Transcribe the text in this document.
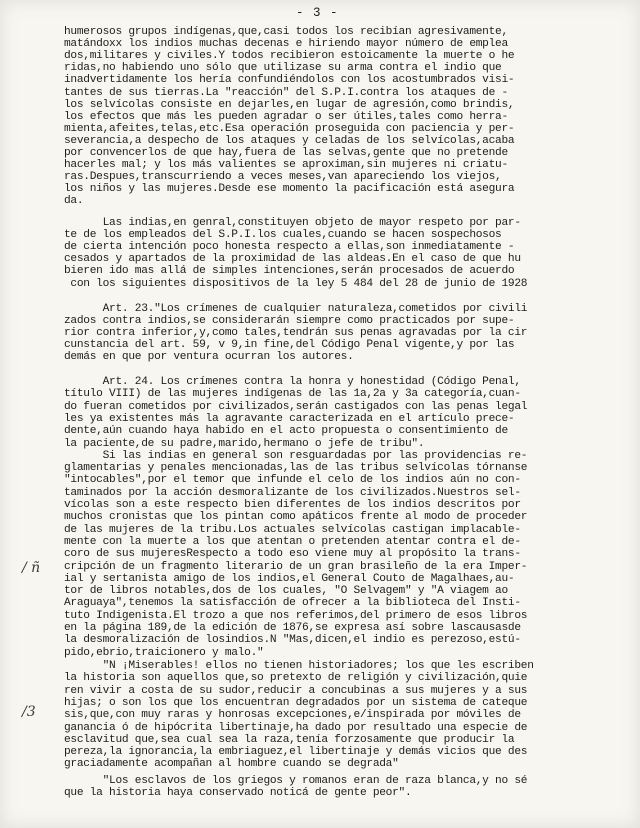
- 3 -
humerosos grupos indígenas,que,casi todos los recibían agresivamente,
matándoxx los indios muchas decenas e hiriendo mayor número de emplea
dos,militares y civiles.Y todos recibieron estoicamente la muerte o he
ridas,no habiendo uno sólo que utilizase su arma contra el indio que
inadvertidamente los hería confundiéndolos con los acostumbrados visi-
tantes de sus tierras.La "reacción" del S.P.I.contra los ataques de -
los selvícolas consiste en dejarles,en lugar de agresión,como brindis,
los efectos que más les pueden agradar o ser útiles,tales como herra-
mienta,afeites,telas,etc.Esa operación proseguida con paciencia y per-
severancia,a despecho de los ataques y celadas de los selvícolas,acaba
por convencerlos de que hay,fuera de las selvas,gente que no pretende
hacerles mal; y los más valientes se aproximan,sin mujeres ni criatu-
ras.Despues,transcurriendo a veces meses,van apareciendo los viejos,
los niños y las mujeres.Desde ese momento la pacificación está asegura
da.
Las indias,en genral,constituyen objeto de mayor respeto por par-
te de los empleados del S.P.I.los cuales,cuando se hacen sospechosos
de cierta intención poco honesta respecto a ellas,son inmediatamente -
cesados y apartados de la proximidad de las aldeas.En el caso de que hu
bieren ido mas allá de simples intenciones,serán procesados de acuerdo
con los siguientes dispositivos de la ley 5 484 del 28 de junio de 1928
Art. 23."Los crímenes de cualquier naturaleza,cometidos por civili
zados contra indios,se considerarán siempre como practicados por supe-
rior contra inferior,y,como tales,tendrán sus penas agravadas por la cir
cunstancia del art. 59, v 9,in fine,del Código Penal vigente,y por las
demás en que por ventura ocurran los autores.
Art. 24. Los crímenes contra la honra y honestidad (Código Penal,
título VIII) de las mujeres indígenas de las 1a,2a y 3a categoría,cuan-
do fueran cometidos por civilizados,serán castigados con las penas legal
les ya existentes más la agravante caracterizada en el artículo prece-
dente,aún cuando haya habido en el acto propuesta o consentimiento de
la paciente,de su padre,marido,hermano o jefe de tribu".
Si las indias en general son resguardadas por las providencias re-
glamentarias y penales mencionadas,las de las tribus selvícolas tórnanse
"intocables",por el temor que infunde el celo de los indios aún no con-
taminados por la acción desmoralizante de los civilizados.Nuestros sel-
vícolas son a este respecto bien diferentes de los indios descritos por
muchos cronistas que los pintan como apáticos frente al modo de proceder
de las mujeres de la tribu.Los actuales selvícolas castigan implacable-
mente con la muerte a los que atentan o pretenden atentar contra el de-
coro de sus mujeresRespecto a todo eso viene muy al propósito la trans-
cripción de un fragmento literario de un gran brasileño de la era Imper-
ial y sertanista amigo de los indios,el General Couto de Magalhaes,au-
tor de libros notables,dos de los cuales, "O Selvagem" y "A viagem ao
Araguaya",tenemos la satisfacción de ofrecer a la biblioteca del Insti-
tuto Indigenista.El trozo a que nos referimos,del primero de esos libros
en la página 189,de la edición de 1876,se expresa así sobre lascausasde
la desmoralización de losindios.N "Mas,dicen,el indio es perezoso,estú-
pido,ebrio,traicionero y malo."
"N ¡Miserables! ellos no tienen historiadores; los que les escriben
la historia son aquellos que,so pretexto de religión y civilización,quie
ren vivir a costa de su sudor,reducir a concubinas a sus mujeres y a sus
hijas; o son los que los encuentran degradados por un sistema de cateque
sis,que,con muy raras y honrosas excepciones,e/inspirada por móviles de
ganancia ó de hipócrita libertinaje,ha dado por resultado una especie de
esclavitud que,sea cual sea la raza,tenía forzosamente que producir la
pereza,la ignorancia,la embriaguez,el libertinaje y demás vicios que des
graciadamente acompañan al hombre cuando se degrada"
"Los esclavos de los griegos y romanos eran de raza blanca,y no sé
que la historia haya conservado noticá de gente peor".
/ ñ
/3
